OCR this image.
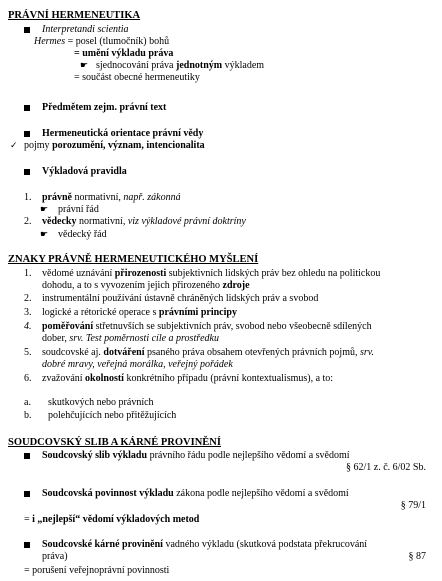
PRÁVNÍ HERMENEUTIKA
Interpretandi scientia
Hermes = posel (tlumočník) bohů
= umění výkladu práva
☛ sjednocování práva jednotným výkladem
= součást obecné hermeneutiky
Předmětem zejm. právní text
Hermeneutická orientace právní vědy
✓ pojmy porozumění, význam, intencionalita
Výkladová pravidla
1. právně normativní, např. zákonná
☛ právní řád
2. vědecky normativní, viz výkladové právní doktríny
☛ vědecký řád
ZNAKY PRÁVNĚ HERMENEUTICKÉHO MYŠLENÍ
1. vědomé uznávání přirozenosti subjektivních lidských práv bez ohledu na politickou
dohodu, a to s vyvozením jejich přirozeného zdroje
2. instrumentální používání ústavně chráněných lidských práv a svobod
3. logické a rétorické operace s právními principy
4. poměřování střetnuvších se subjektivních práv, svobod nebo všeobecně sdílených
dober, srv. Test poměrnosti cíle a prostředku
5. soudcovské aj. dotváření psaného práva obsahem otevřených právních pojmů, srv.
dobré mravy, veřejná morálka, veřejný pořádek
6. zvažování okolností konkrétního případu (právní kontextualismus), a to:
a. skutkových nebo právních
b. polehčujících nebo přitěžujících
SOUDCOVSKÝ SLIB A KÁRNÉ PROVINĚNÍ
Soudcovský slib výkladu právního řádu podle nejlepšího vědomí a svědomí
§ 62/1 z. č. 6/02 Sb.
Soudcovská povinnost výkladu zákona podle nejlepšího vědomí a svědomí
§ 79/1
= i „nejlepší“ vědomí výkladových metod
Soudcovské kárné provinění vadného výkladu (skutková podstata překrucování
práva)	§ 87
= porušení veřejnoprávní povinnosti
